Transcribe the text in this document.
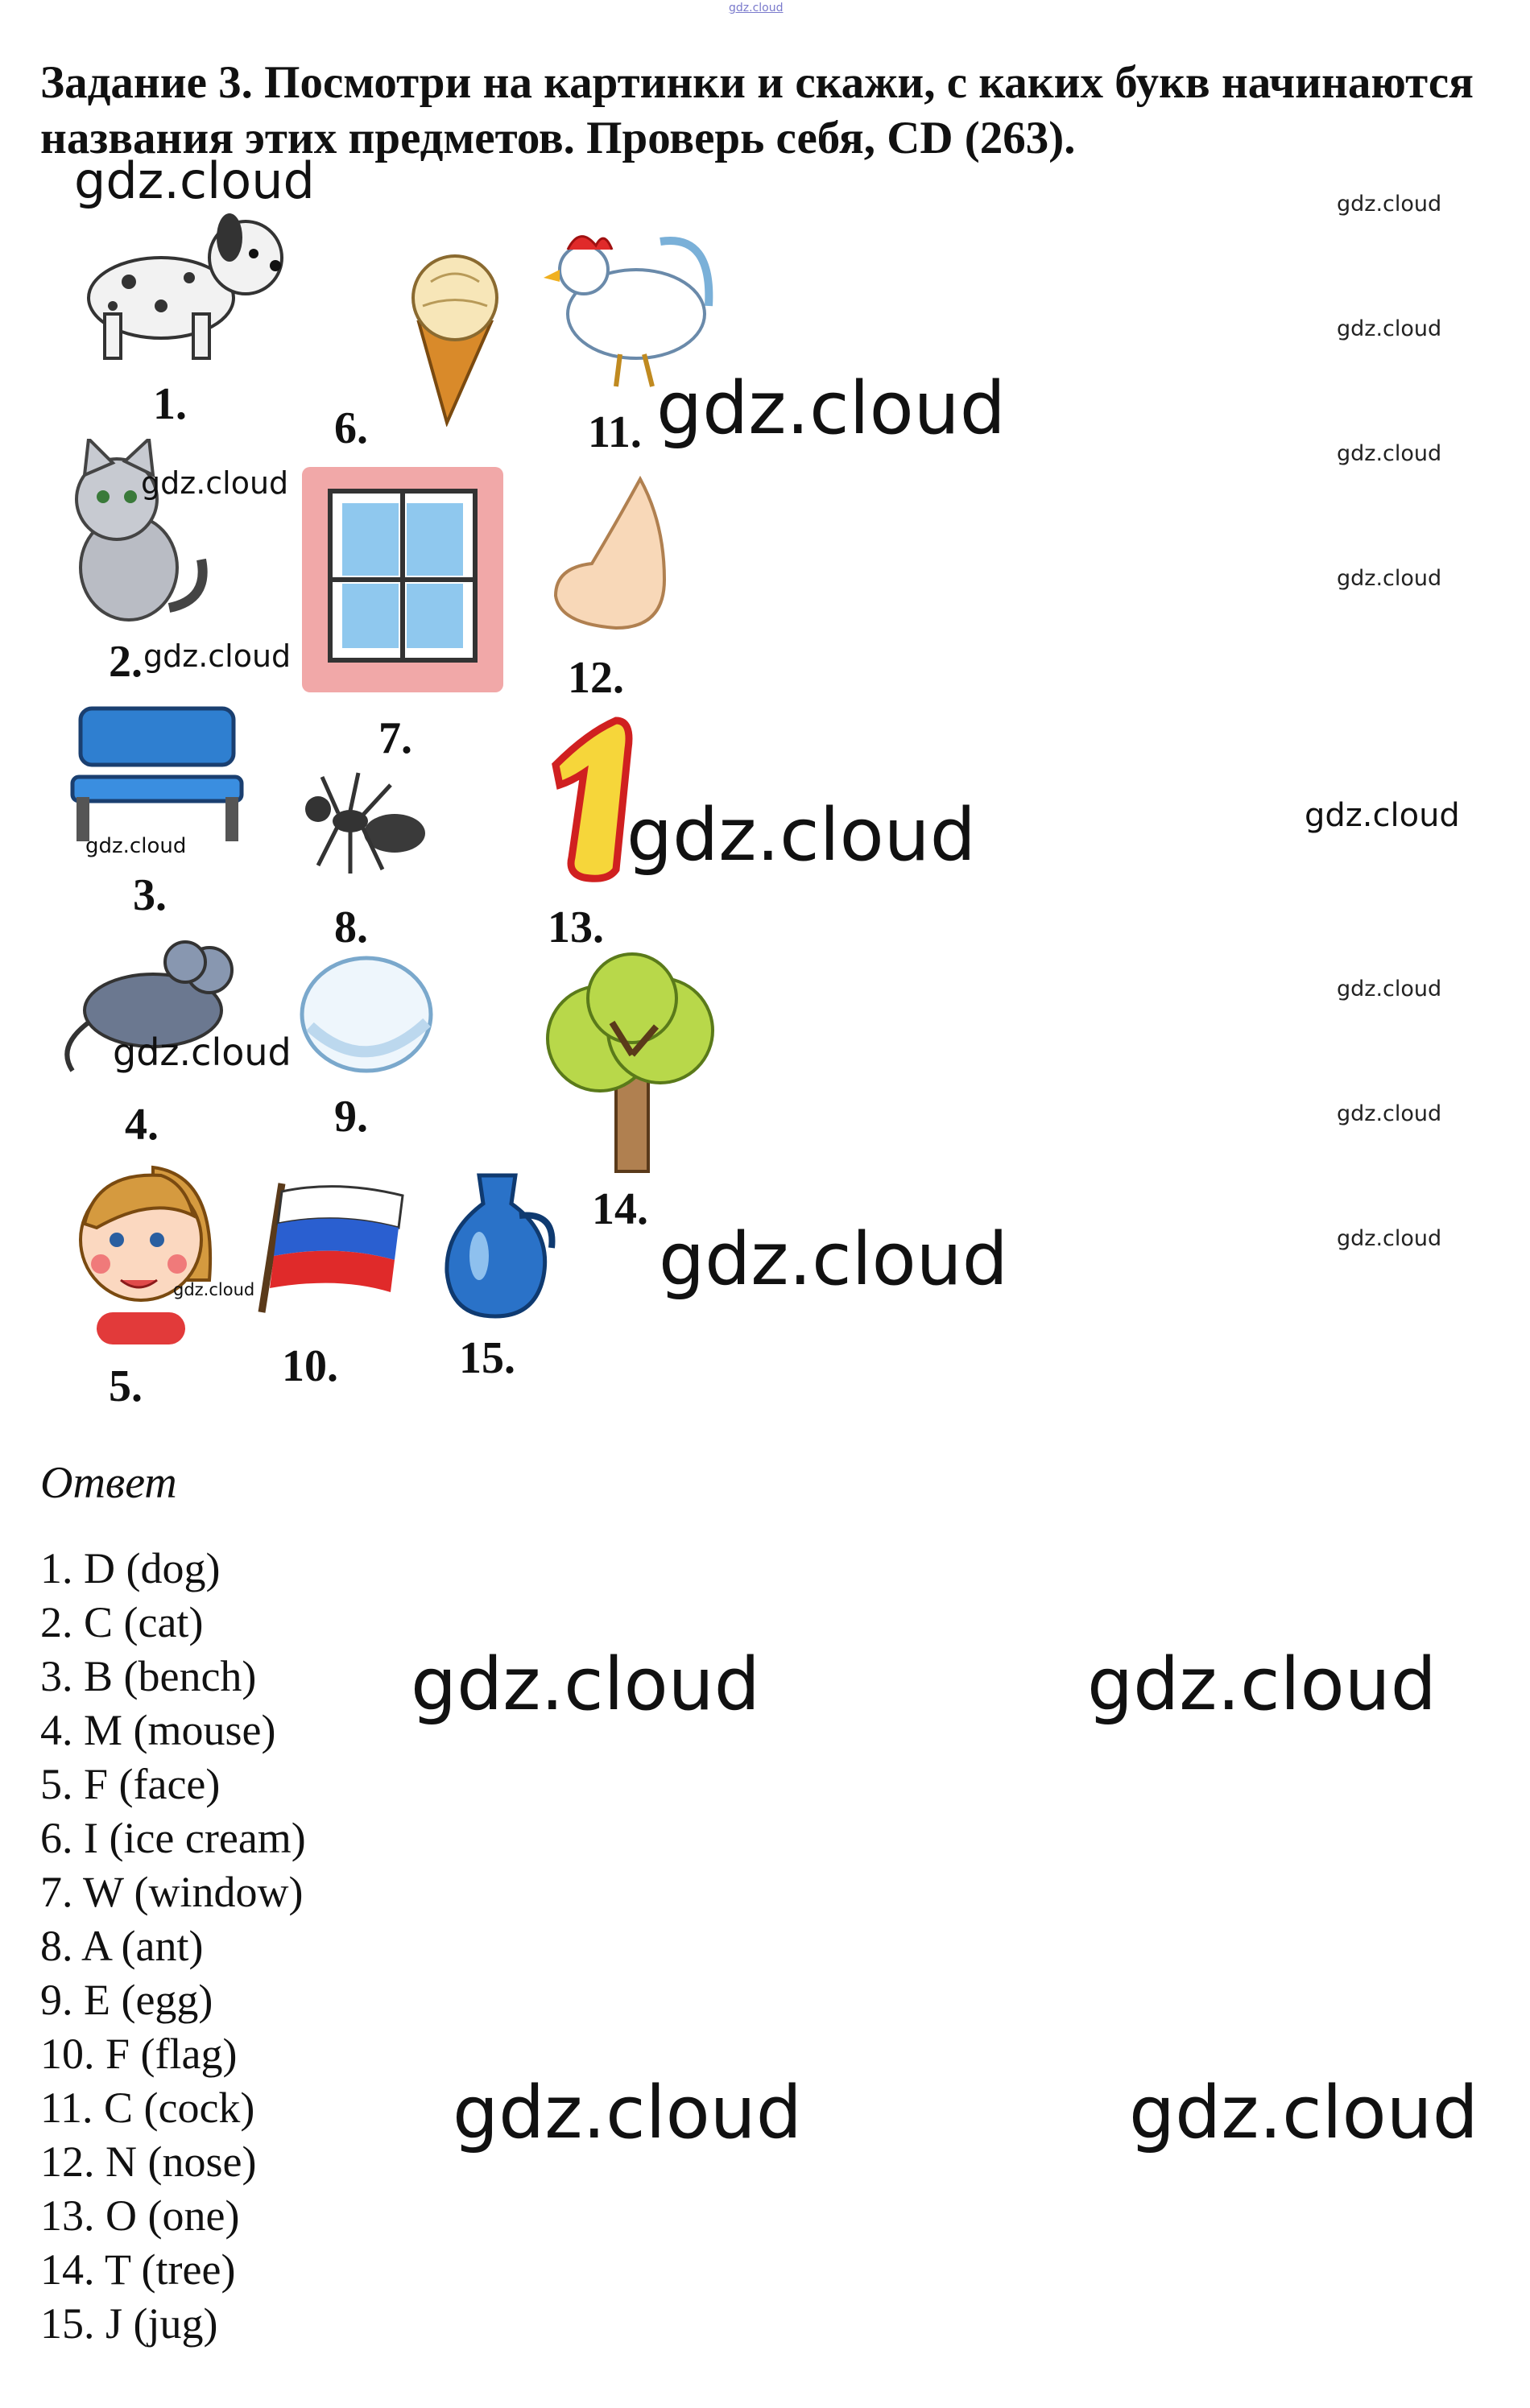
gdz.cloud
Задание 3. Посмотри на картинки и скажи, с каких букв начинаются названия этих предметов. Проверь себя, CD (263).
1.
2.
3.
4.
5.
6.
7.
8.
9.
10.
11.
12.
13.
14.
15.
gdz.cloud	gdz.cloud
gdz.cloud
gdz.cloud
gdz.cloud
gdz.cloud
gdz.cloud
gdz.cloud
gdz.cloud
gdz.cloud
gdz.cloud
gdz.cloud
gdz.cloud
gdz.cloud
gdz.cloud
gdz.cloud
gdz.cloud
Ответ
1. D (dog)
2. C (cat)
3. B (bench)
4. M (mouse)
5. F (face)
6. I (ice cream)
7. W (window)
8. A (ant)
9. E (egg)
10. F (flag)
11. C (cock)
12. N (nose)
13. O (one)
14. T (tree)
15. J (jug)
gdz.cloud	gdz.cloud
gdz.cloud	gdz.cloud
